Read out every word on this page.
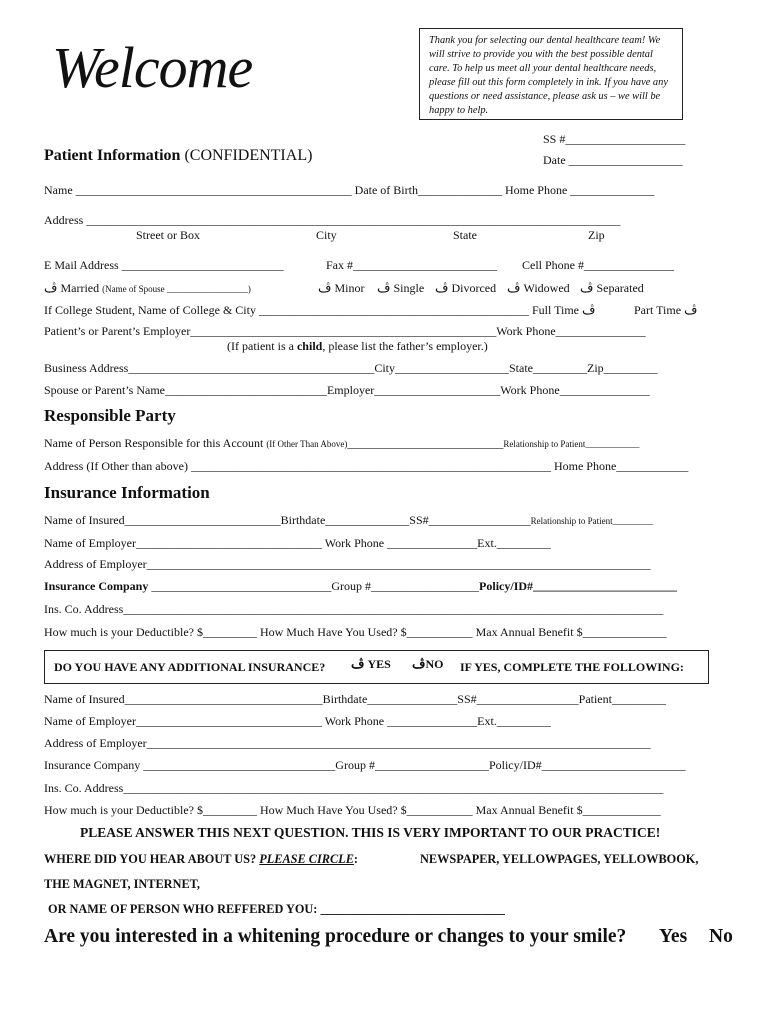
Welcome	Thank you for selecting our dental healthcare team! We will strive to provide you with the best possible dental care. To help us meet all your dental healthcare needs, please fill out this form completely in ink. If you have any questions or need assistance, please ask us – we will be happy to help.
SS #____________________
Patient Information (CONFIDENTIAL)	Date ___________________
Name ______________________________________________ Date of Birth______________ Home Phone ______________
Address _________________________________________________________________________________________
Street or Box	City	State	Zip
E Mail Address ___________________________	Fax #________________________ Cell Phone #_______________
ڤ Married (Name of Spouse __________________)	ڤ Minor ڤ Single ڤ Divorced ڤ Widowed ڤ Separated
If College Student, Name of College & City _____________________________________________ Full Time ڤ	Part Time ڤ
Patient’s or Parent’s Employer___________________________________________________Work Phone_______________
(If patient is a child, please list the father’s employer.)
Business Address_________________________________________City___________________State_________Zip_________
Spouse or Parent’s Name___________________________Employer_____________________Work Phone_______________
Responsible Party
Name of Person Responsible for this Account (If Other Than Above)__________________________Relationship to Patient____________
Address (If Other than above) ____________________________________________________________ Home Phone____________
Insurance Information
Name of Insured__________________________Birthdate______________SS#_________________Relationship to Patient_________
Name of Employer_______________________________ Work Phone _______________Ext._________
Address of Employer____________________________________________________________________________________
Insurance Company ______________________________Group #__________________Policy/ID#________________________
Ins. Co. Address__________________________________________________________________________________________
How much is your Deductible? $_________ How Much Have You Used? $___________ Max Annual Benefit $______________
DO YOU HAVE ANY ADDITIONAL INSURANCE? ڤ YES ڤNO IF YES, COMPLETE THE FOLLOWING:
Name of Insured_________________________________Birthdate_______________SS#_________________Patient_________
Name of Employer_______________________________ Work Phone _______________Ext._________
Address of Employer____________________________________________________________________________________
Insurance Company ________________________________Group #___________________Policy/ID#________________________
Ins. Co. Address__________________________________________________________________________________________
How much is your Deductible? $_________ How Much Have You Used? $___________ Max Annual Benefit $_____________
PLEASE ANSWER THIS NEXT QUESTION. THIS IS VERY IMPORTANT TO OUR PRACTICE!
WHERE DID YOU HEAR ABOUT US? PLEASE CIRCLE:	NEWSPAPER, YELLOWPAGES, YELLOWBOOK,
THE MAGNET, INTERNET,
OR NAME OF PERSON WHO REFFERED YOU: ______________________________
Are you interested in a whitening procedure or changes to your smile? Yes No
